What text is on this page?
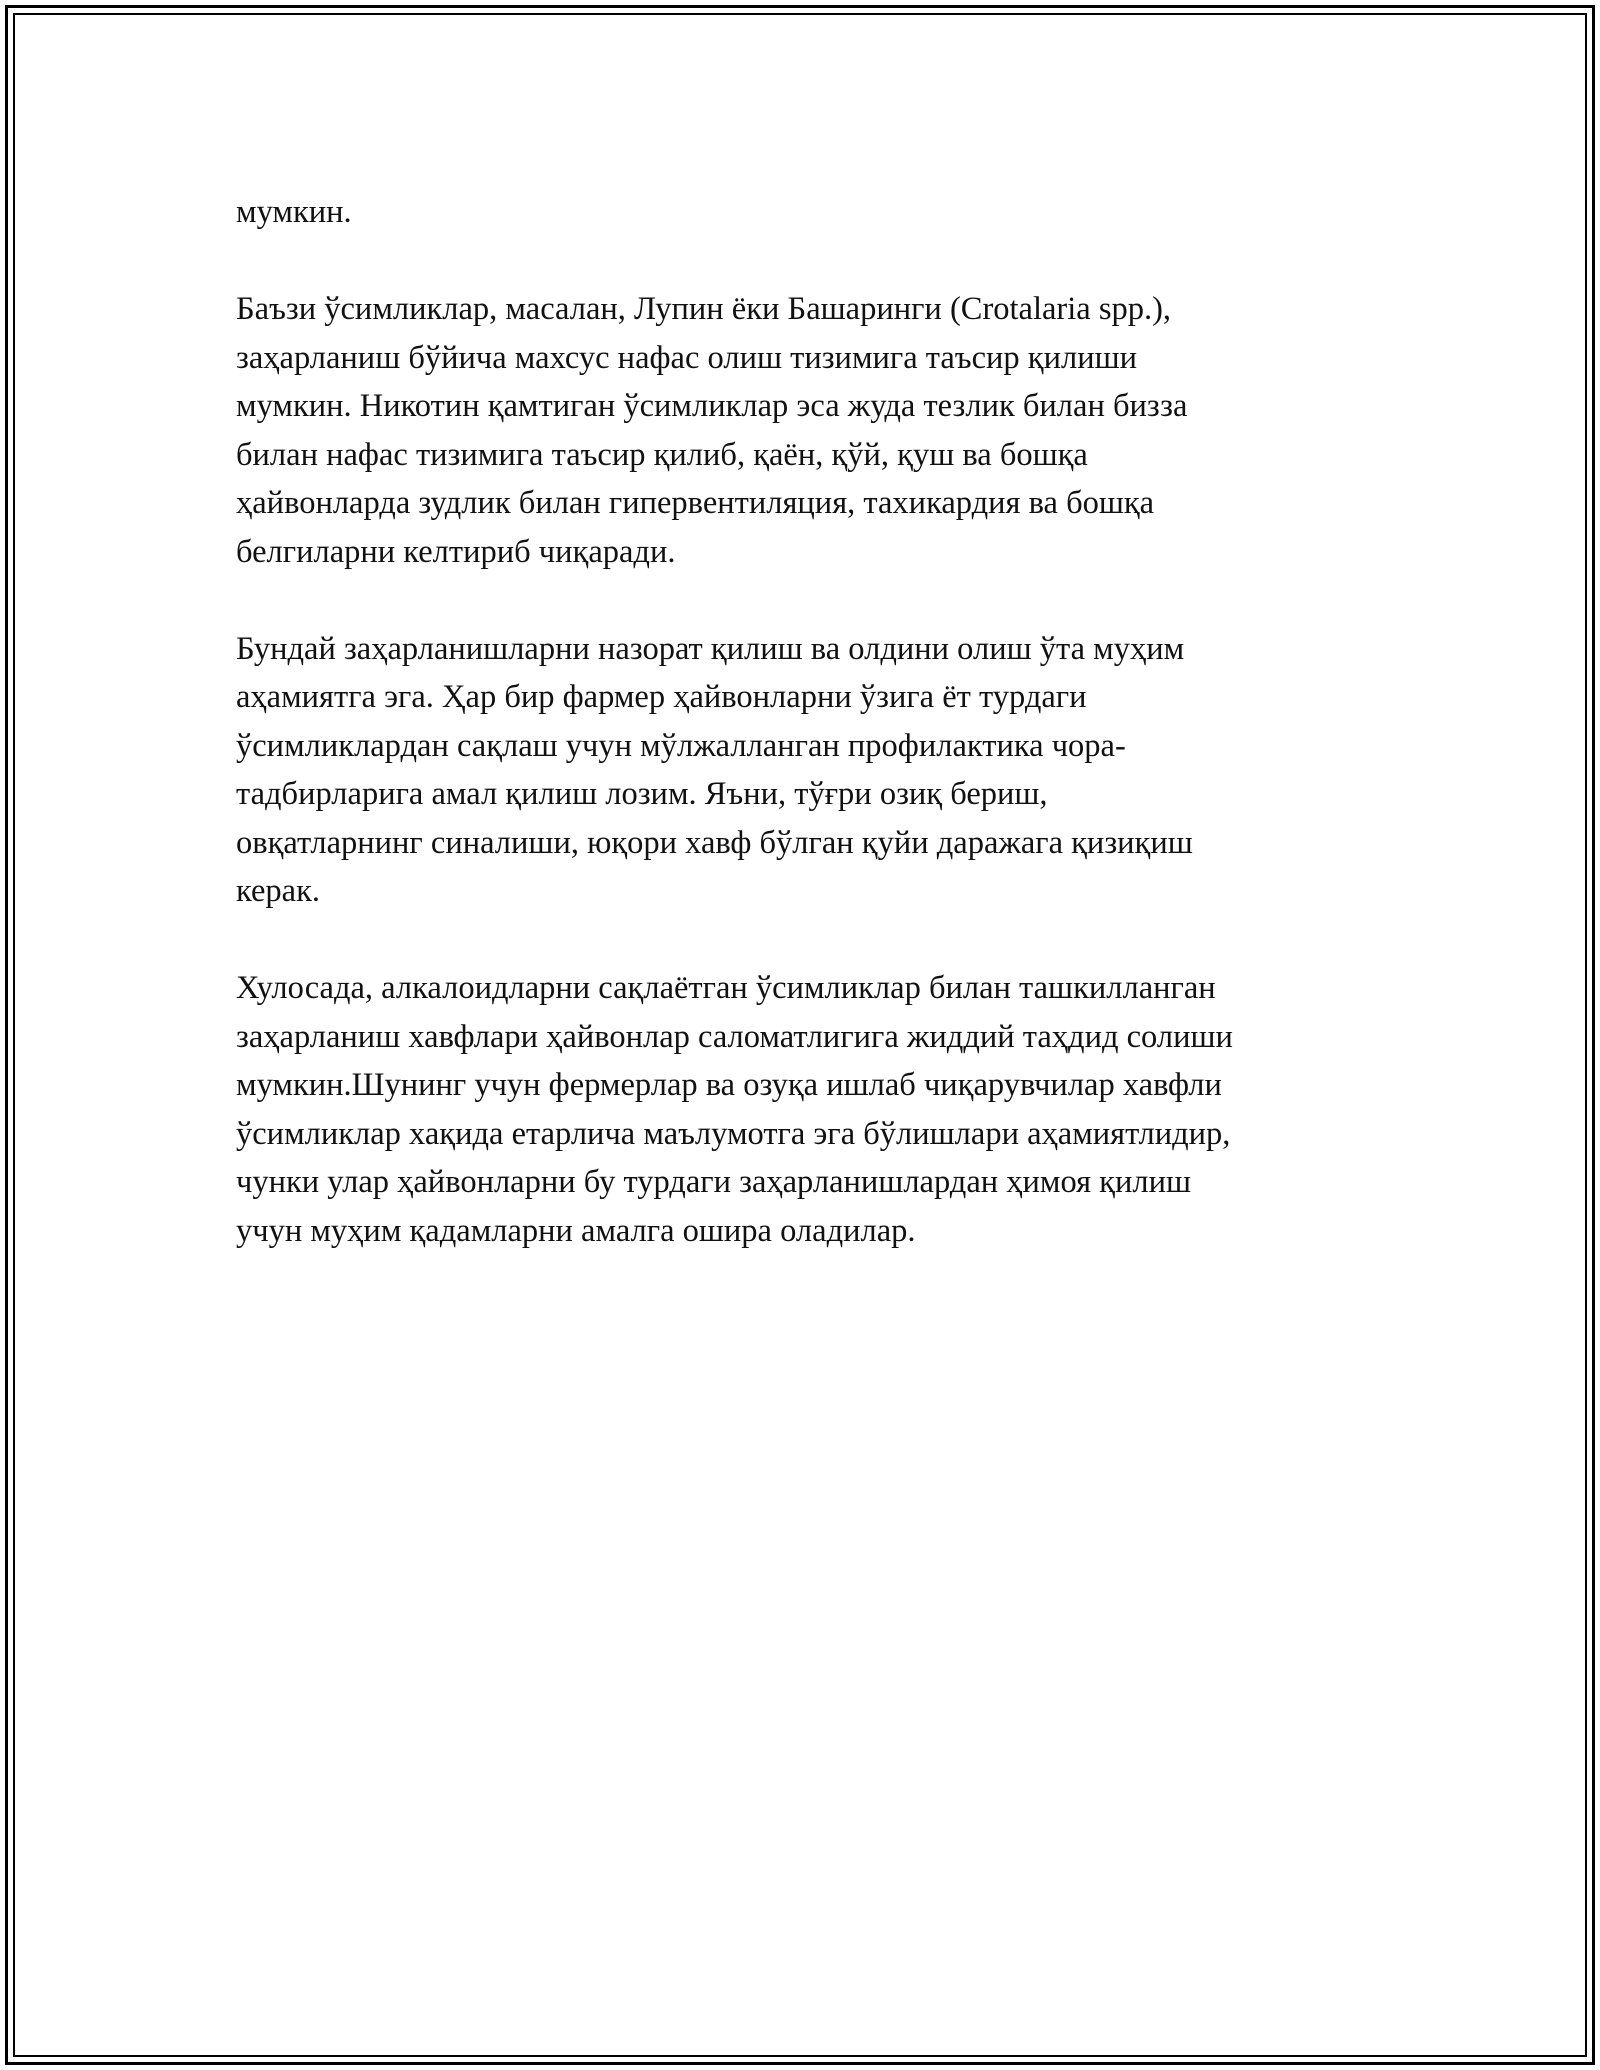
мумкин.
Баъзи ўсимликлар, масалан, Лупин ёки Башаринги (Crotalaria spp.),
заҳарланиш бўйича махсус нафас олиш тизимига таъсир қилиши
мумкин. Никотин қамтиган ўсимликлар эса жуда тезлик билан бизза
билан нафас тизимига таъсир қилиб, қаён, қўй, қуш ва бошқа
ҳайвонларда зудлик билан гипервентиляция, тахикардия ва бошқа
белгиларни келтириб чиқаради.
Бундай заҳарланишларни назорат қилиш ва олдини олиш ўта муҳим
аҳамиятга эга. Ҳар бир фармер ҳайвонларни ўзига ёт турдаги
ўсимликлардан сақлаш учун мўлжалланган профилактика чора-
тадбирларига амал қилиш лозим. Яъни, тўғри озиқ бериш,
овқатларнинг синалиши, юқори хавф бўлган қуйи даражага қизиқиш
керак.
Хулосада, алкалоидларни сақлаётган ўсимликлар билан ташкилланган
заҳарланиш хавфлари ҳайвонлар саломатлигига жиддий таҳдид солиши
мумкин.Шунинг учун фермерлар ва озуқа ишлаб чиқарувчилар хавфли
ўсимликлар хақида етарлича маълумотга эга бўлишлари аҳамиятлидир,
чунки улар ҳайвонларни бу турдаги заҳарланишлардан ҳимоя қилиш
учун муҳим қадамларни амалга ошира оладилар.
